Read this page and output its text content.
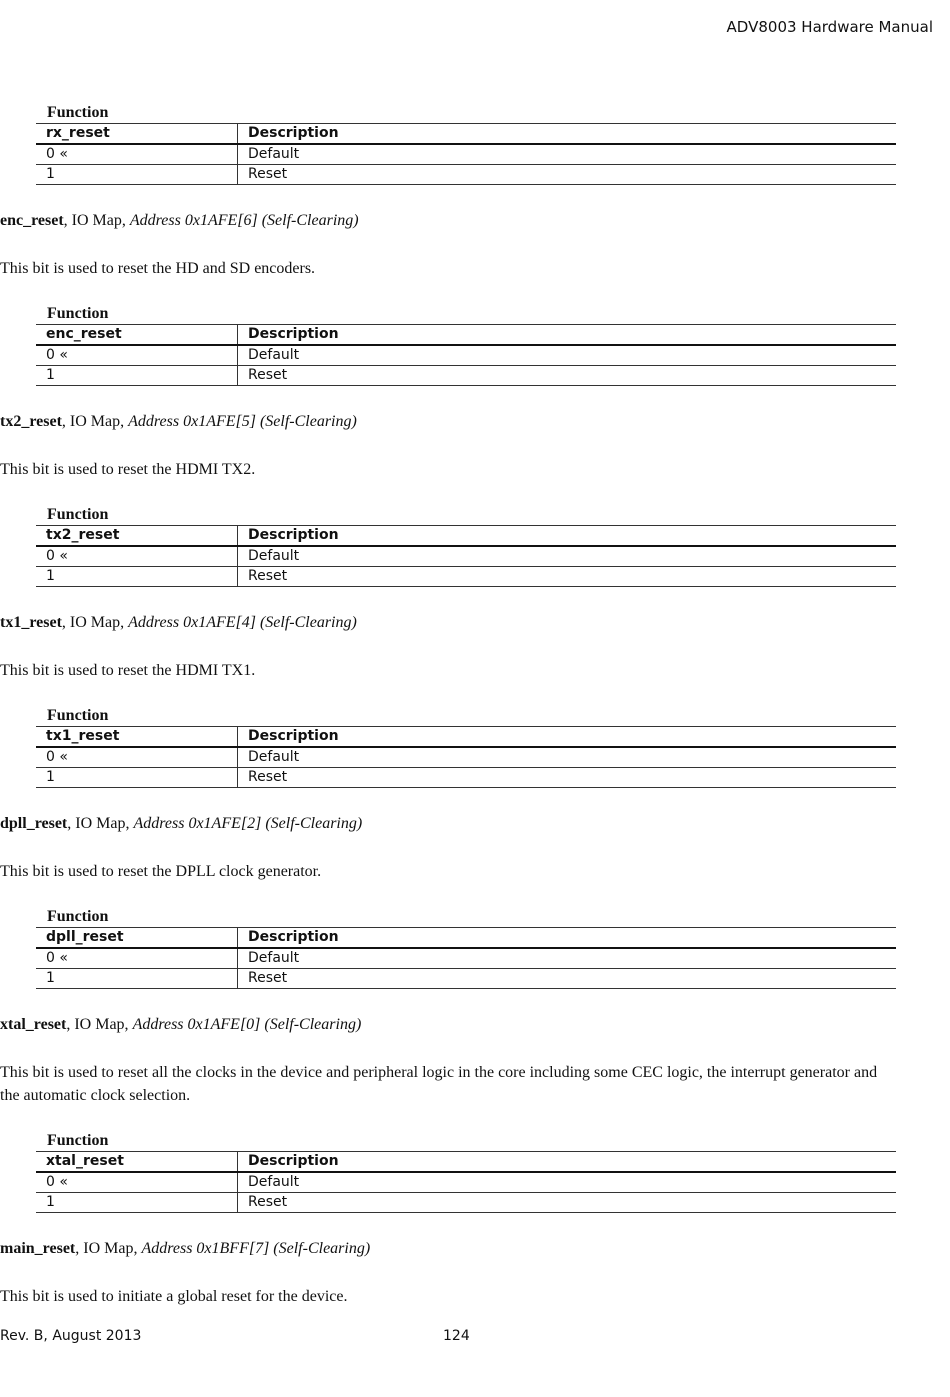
ADV8003 Hardware Manual
Function
rx_reset	Description
0 «	Default
1	Reset
enc_reset, IO Map, Address 0x1AFE[6] (Self-Clearing)
This bit is used to reset the HD and SD encoders.
Function
enc_reset	Description
0 «	Default
1	Reset
tx2_reset, IO Map, Address 0x1AFE[5] (Self-Clearing)
This bit is used to reset the HDMI TX2.
Function
tx2_reset	Description
0 «	Default
1	Reset
tx1_reset, IO Map, Address 0x1AFE[4] (Self-Clearing)
This bit is used to reset the HDMI TX1.
Function
tx1_reset	Description
0 «	Default
1	Reset
dpll_reset, IO Map, Address 0x1AFE[2] (Self-Clearing)
This bit is used to reset the DPLL clock generator.
Function
dpll_reset	Description
0 «	Default
1	Reset
xtal_reset, IO Map, Address 0x1AFE[0] (Self-Clearing)
This bit is used to reset all the clocks in the device and peripheral logic in the core including some CEC logic, the interrupt generator and the automatic clock selection.
Function
xtal_reset	Description
0 «	Default
1	Reset
main_reset, IO Map, Address 0x1BFF[7] (Self-Clearing)
This bit is used to initiate a global reset for the device.
Rev. B, August 2013	124
